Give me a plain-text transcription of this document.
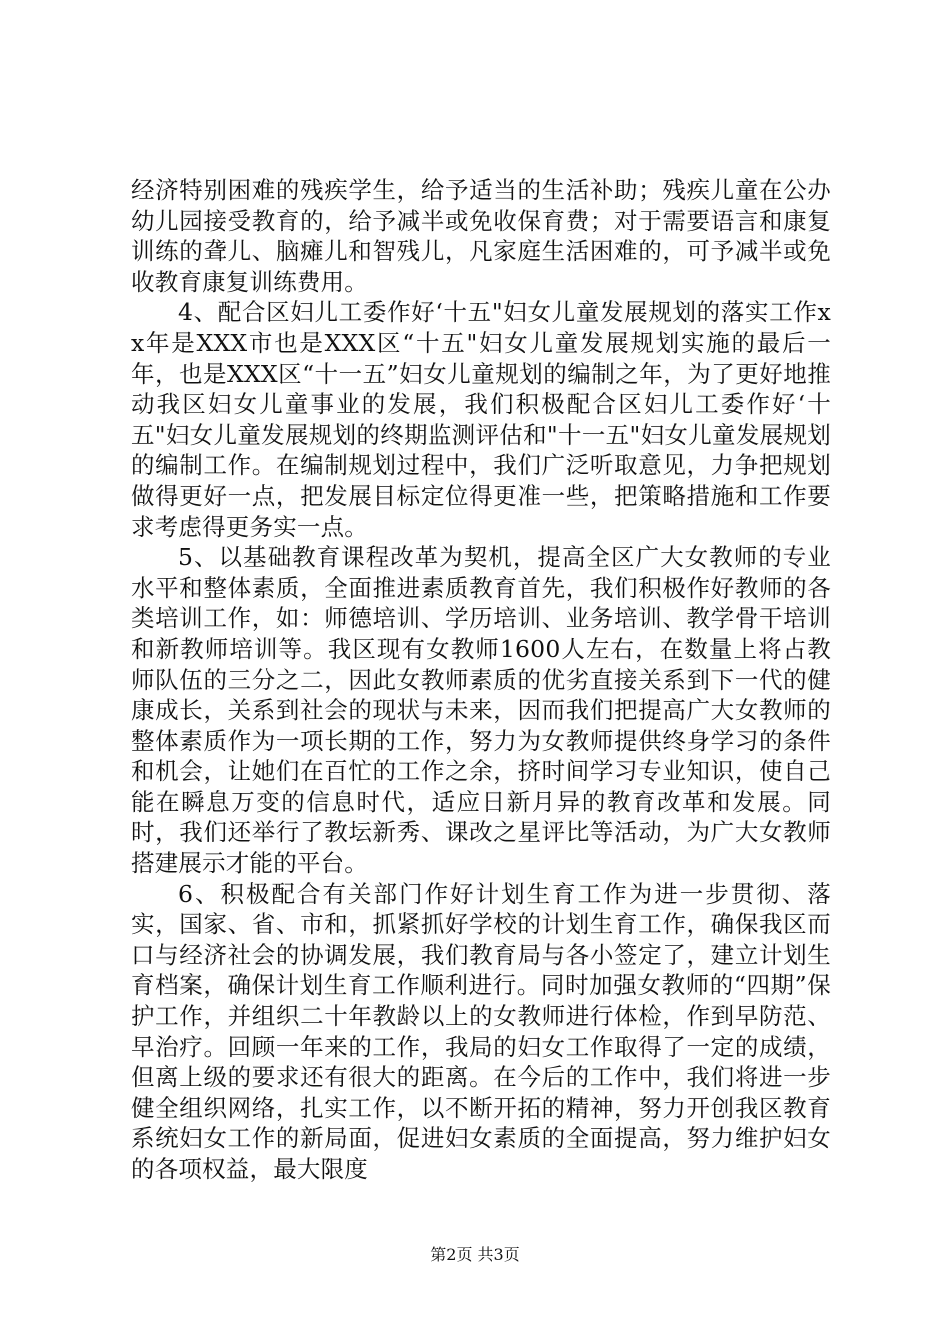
经济特别困难的残疾学生，给予适当的生活补助；残疾儿童在公办幼儿园接受教育的，给予减半或免收保育费；对于需要语言和康复训练的聋儿、脑瘫儿和智残儿，凡家庭生活困难的，可予减半或免收教育康复训练费用。

4、配合区妇儿工委作好‘十五"妇女儿童发展规划的落实工作xx年是XXX市也是XXX区“十五"妇女儿童发展规划实施的最后一年，也是XXX区“十一五”妇女儿童规划的编制之年，为了更好地推动我区妇女儿童事业的发展，我们积极配合区妇儿工委作好‘十五"妇女儿童发展规划的终期监测评估和"十一五"妇女儿童发展规划的编制工作。在编制规划过程中，我们广泛听取意见，力争把规划做得更好一点，把发展目标定位得更准一些，把策略措施和工作要求考虑得更务实一点。

5、以基础教育课程改革为契机，提高全区广大女教师的专业水平和整体素质，全面推进素质教育首先，我们积极作好教师的各类培训工作，如：师德培训、学历培训、业务培训、教学骨干培训和新教师培训等。我区现有女教师1600人左右，在数量上将占教师队伍的三分之二，因此女教师素质的优劣直接关系到下一代的健康成长，关系到社会的现状与未来，因而我们把提高广大女教师的整体素质作为一项长期的工作，努力为女教师提供终身学习的条件和机会，让她们在百忙的工作之余，挤时间学习专业知识，使自己能在瞬息万变的信息时代，适应日新月异的教育改革和发展。同时，我们还举行了教坛新秀、课改之星评比等活动，为广大女教师搭建展示才能的平台。

6、积极配合有关部门作好计划生育工作为进一步贯彻、落实，国家、省、市和，抓紧抓好学校的计划生育工作，确保我区而口与经济社会的协调发展，我们教育局与各小签定了，建立计划生育档案，确保计划生育工作顺利进行。同时加强女教师的“四期”保护工作，并组织二十年教龄以上的女教师进行体检，作到早防范、早治疗。回顾一年来的工作，我局的妇女工作取得了一定的成绩，但离上级的要求还有很大的距离。在今后的工作中，我们将进一步健全组织网络，扎实工作，以不断开拓的精神，努力开创我区教育系统妇女工作的新局面，促进妇女素质的全面提高，努力维护妇女的各项权益，最大限度

第2页 共3页
